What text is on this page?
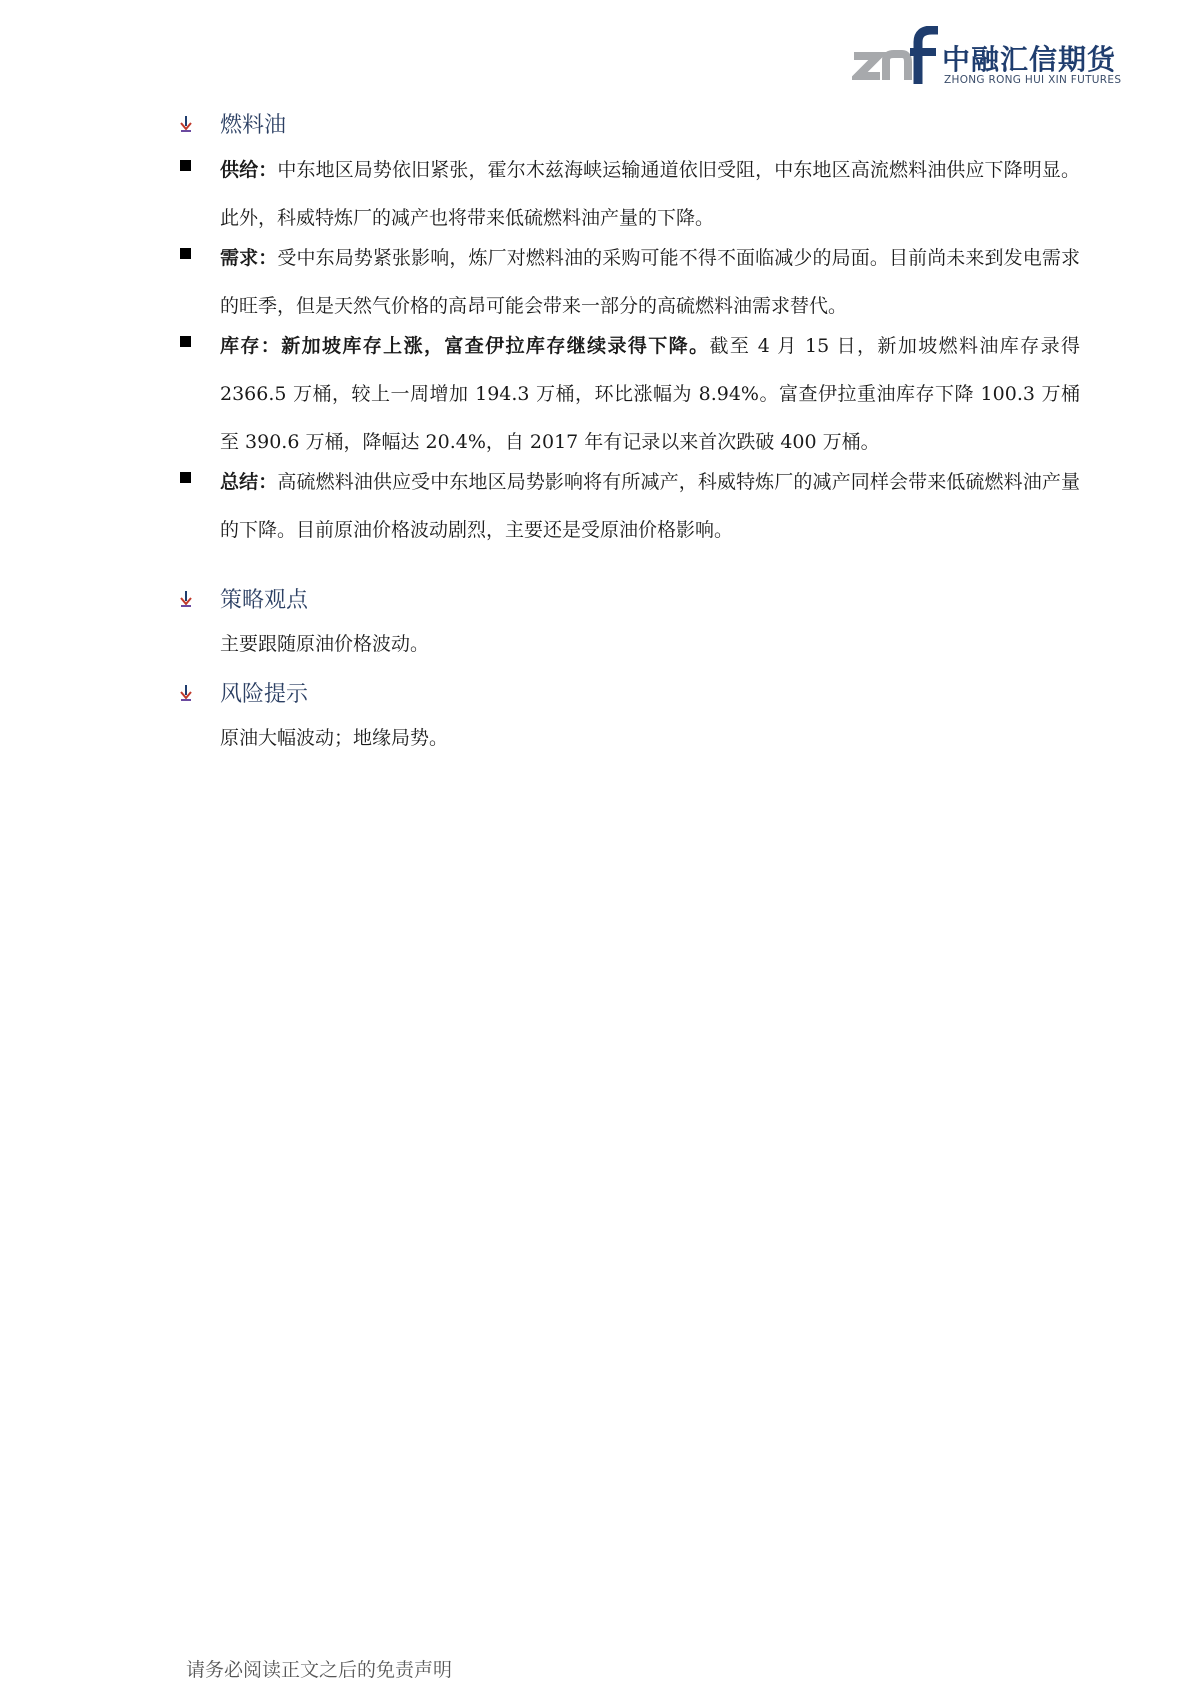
中融汇信期货
ZHONG RONG HUI XIN FUTURES
燃料油
供给：中东地区局势依旧紧张，霍尔木兹海峡运输通道依旧受阻，中东地区高流燃料油供应下降明显。此外，科威特炼厂的减产也将带来低硫燃料油产量的下降。
需求：受中东局势紧张影响，炼厂对燃料油的采购可能不得不面临减少的局面。目前尚未来到发电需求的旺季，但是天然气价格的高昂可能会带来一部分的高硫燃料油需求替代。
库存：新加坡库存上涨，富查伊拉库存继续录得下降。截至 4 月 15 日，新加坡燃料油库存录得 2366.5 万桶，较上一周增加 194.3 万桶，环比涨幅为 8.94%。富查伊拉重油库存下降 100.3 万桶至 390.6 万桶，降幅达 20.4%，自 2017 年有记录以来首次跌破 400 万桶。
总结：高硫燃料油供应受中东地区局势影响将有所减产，科威特炼厂的减产同样会带来低硫燃料油产量的下降。目前原油价格波动剧烈，主要还是受原油价格影响。
策略观点
主要跟随原油价格波动。
风险提示
原油大幅波动；地缘局势。
请务必阅读正文之后的免责声明
